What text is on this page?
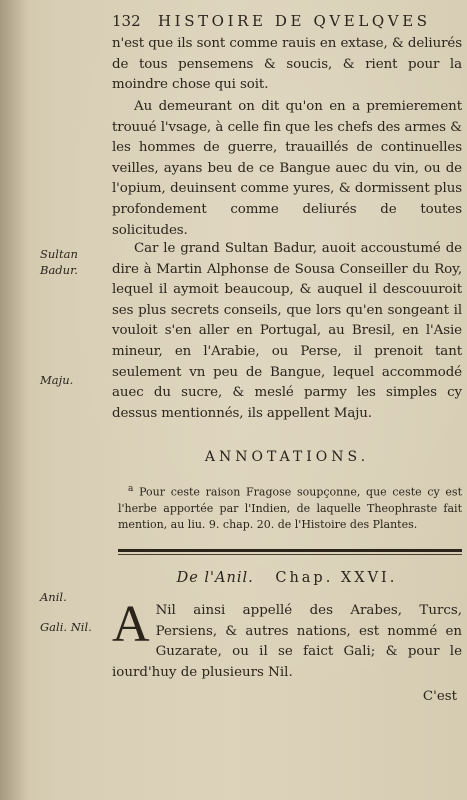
132 HISTOIRE DE QVELQVES
n'est que ils sont comme rauis en extase, & deliurés de tous pensemens & soucis, & rient pour la moindre chose qui soit.
Au demeurant on dit qu'on en a premierement trouué l'vsage, à celle fin que les chefs des armes & les hommes de guerre, trauaillés de continuelles veilles, ayans beu de ce Bangue auec du vin, ou de l'opium, deuinsent comme yures, & dormissent plus profondement comme deliurés de toutes solicitudes.
Car le grand Sultan Badur, auoit accoustumé de dire à Martin Alphonse de Sousa Conseiller du Roy, lequel il aymoit beaucoup, & auquel il descouuroit ses plus secrets conseils, que lors qu'en songeant il vouloit s'en aller en Portugal, au Bresil, en l'Asie mineur, en l'Arabie, ou Perse, il prenoit tant seulement vn peu de Bangue, lequel accommodé auec du sucre, & meslé parmy les simples cy dessus mentionnés, ils appellent Maju.
Sultan Badur.
Maju.
Anil.
Gali. Nil.
ANNOTATIONS.
$^a$ Pour ceste raison Fragose soupçonne, que ceste cy est l'herbe apportée par l'Indien, de laquelle Theophraste fait mention, au liu. 9. chap. 20. de l'Histoire des Plantes.
De l'Anil. Chap. XXVI.
A Nil ainsi appellé des Arabes, Turcs, Persiens, & autres nations, est nommé en Guzarate, ou il se faict Gali; & pour le iourd'huy de plusieurs Nil.
C'est
